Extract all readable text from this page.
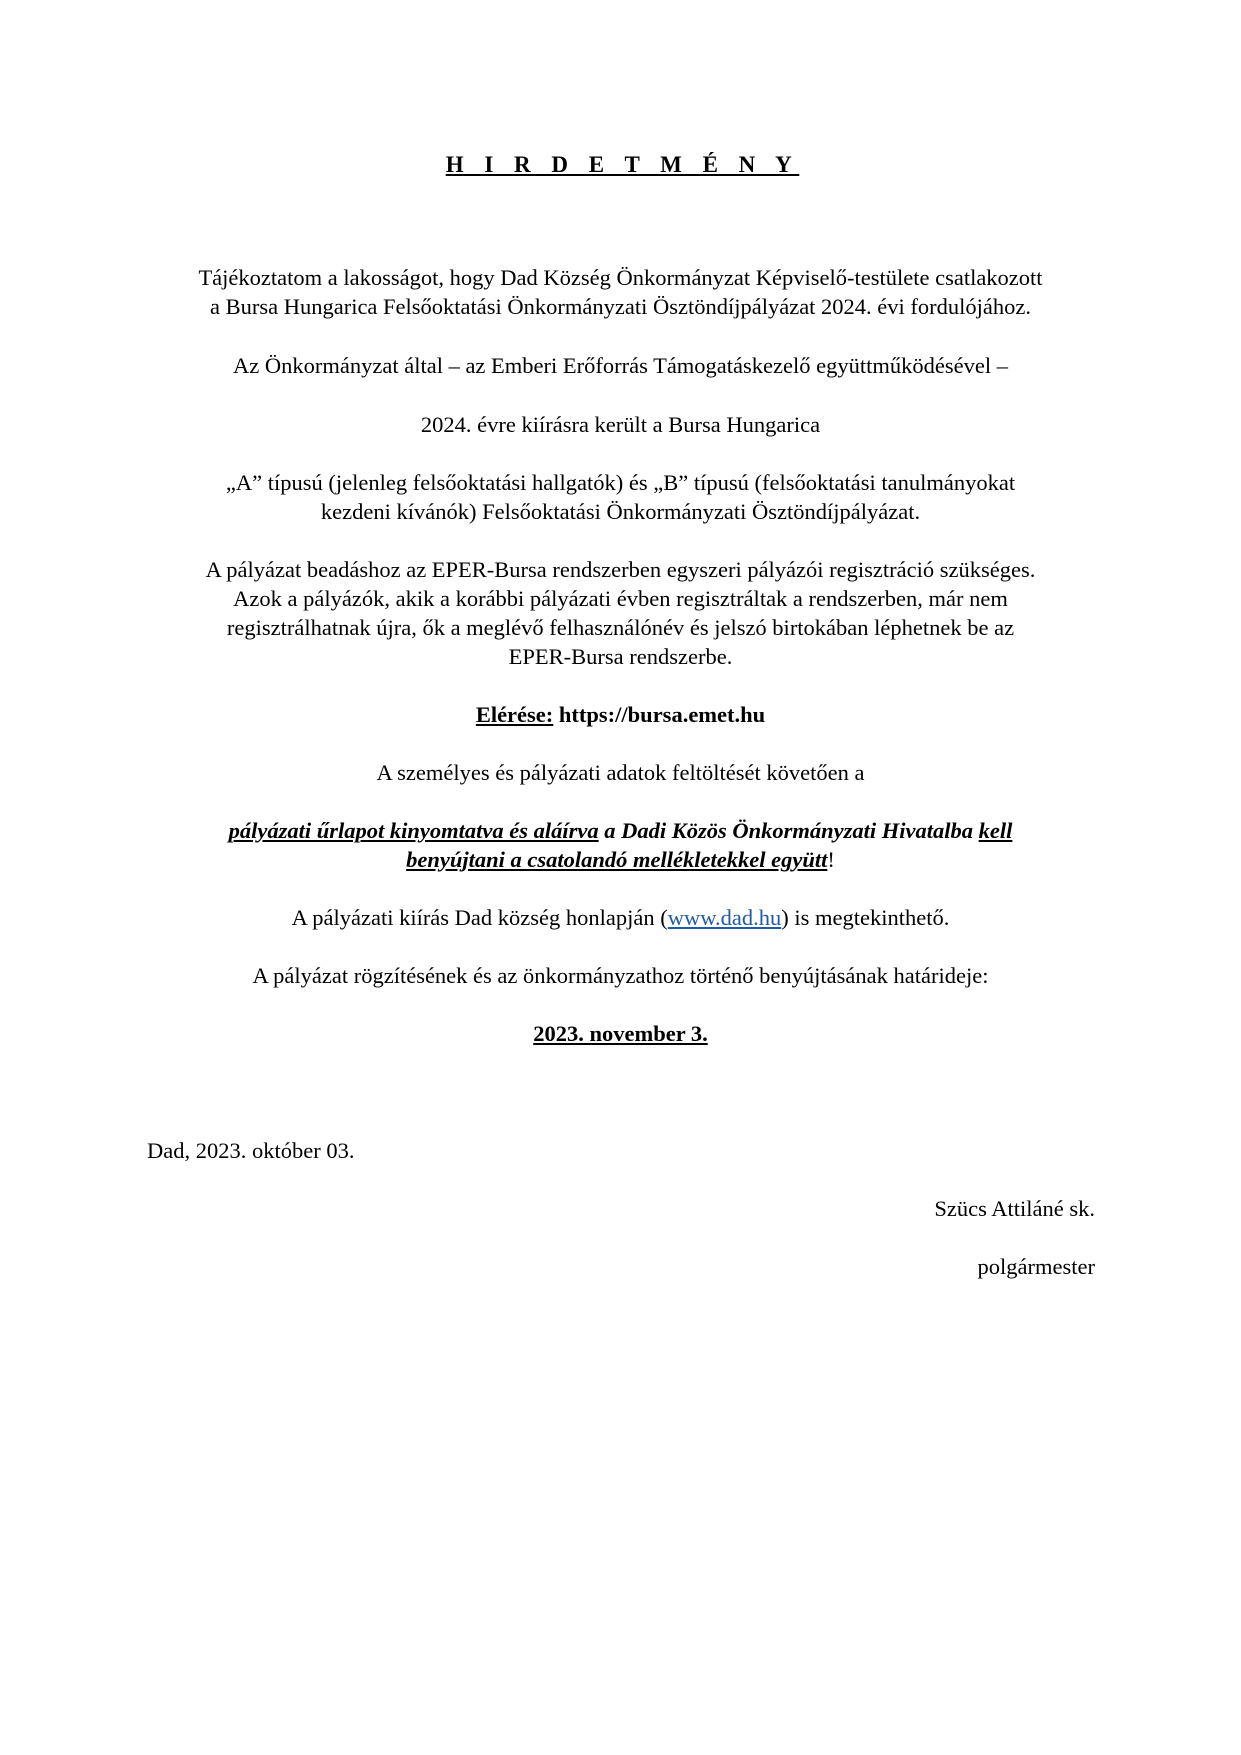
H I R D E T M É N Y
Tájékoztatom a lakosságot, hogy Dad Község Önkormányzat Képviselő-testülete csatlakozott
a Bursa Hungarica Felsőoktatási Önkormányzati Ösztöndíjpályázat 2024. évi fordulójához.
Az Önkormányzat által – az Emberi Erőforrás Támogatáskezelő együttműködésével –
2024. évre kiírásra került a Bursa Hungarica
„A” típusú (jelenleg felsőoktatási hallgatók) és „B” típusú (felsőoktatási tanulmányokat
kezdeni kívánók) Felsőoktatási Önkormányzati Ösztöndíjpályázat.
A pályázat beadáshoz az EPER-Bursa rendszerben egyszeri pályázói regisztráció szükséges.
Azok a pályázók, akik a korábbi pályázati évben regisztráltak a rendszerben, már nem
regisztrálhatnak újra, ők a meglévő felhasználónév és jelszó birtokában léphetnek be az
EPER-Bursa rendszerbe.
Elérése: https://bursa.emet.hu
A személyes és pályázati adatok feltöltését követően a
pályázati űrlapot kinyomtatva és aláírva a Dadi Közös Önkormányzati Hivatalba kell
benyújtani a csatolandó mellékletekkel együtt!
A pályázati kiírás Dad község honlapján (www.dad.hu) is megtekinthető.
A pályázat rögzítésének és az önkormányzathoz történő benyújtásának határideje:
2023. november 3.
Dad, 2023. október 03.
Szücs Attiláné sk.
polgármester
